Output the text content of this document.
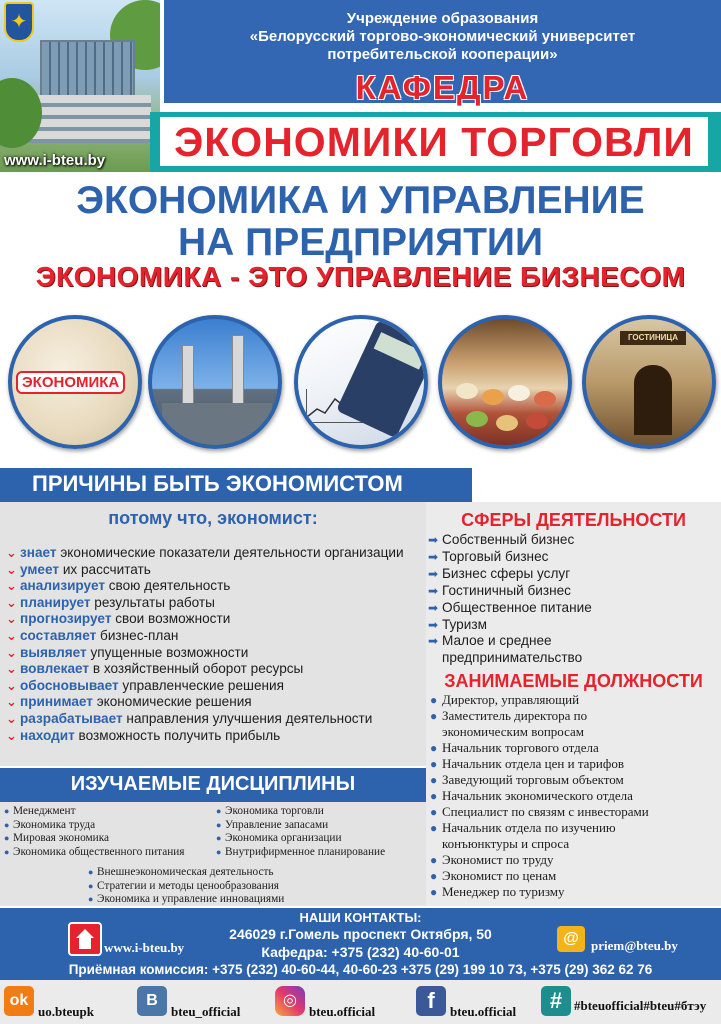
✦
www.i-bteu.by
Учреждение образования
«Белорусский торгово-экономический университет
потребительской кооперации»
КАФЕДРА
ЭКОНОМИКИ ТОРГОВЛИ
ЭКОНОМИКА И УПРАВЛЕНИЕ
НА ПРЕДПРИЯТИИ
ЭКОНОМИКА - ЭТО УПРАВЛЕНИЕ БИЗНЕСОМ
ЭКОНОМИКА
ГОСТИНИЦА
ПРИЧИНЫ БЫТЬ ЭКОНОМИСТОМ
потому что, экономист:
⌄ знает экономические показатели деятельности организации
⌄ умеет их рассчитать
⌄ анализирует свою деятельность
⌄ планирует результаты работы
⌄ прогнозирует свои возможности
⌄ составляет бизнес-план
⌄ выявляет упущенные возможности
⌄ вовлекает в хозяйственный оборот ресурсы
⌄ обосновывает управленческие решения
⌄ принимает экономические решения
⌄ разрабатывает направления улучшения деятельности
⌄ находит возможность получить прибыль
СФЕРЫ ДЕЯТЕЛЬНОСТИ
➡ Собственный бизнес
➡ Торговый бизнес
➡ Бизнес сферы услуг
➡ Гостиничный бизнес
➡ Общественное питание
➡ Туризм
➡ Малое и среднее
предпринимательство
ЗАНИМАЕМЫЕ ДОЛЖНОСТИ
● Директор, управляющий
● Заместитель директора по
экономическим вопросам
● Начальник торгового отдела
● Начальник отдела цен и тарифов
● Заведующий торговым объектом
● Начальник экономического отдела
● Специалист по связям с инвесторами
● Начальник отдела по изучению
конъюнктуры и спроса
● Экономист по труду
● Экономист по ценам
● Менеджер по туризму
ИЗУЧАЕМЫЕ ДИСЦИПЛИНЫ
● Менеджмент
● Экономика труда
● Мировая экономика
● Экономика общественного питания
● Экономика торговли
● Управление запасами
● Экономика организации
● Внутрифирменное планирование
● Внешнеэкономическая деятельность
● Стратегии и методы ценообразования
● Экономика и управление инновациями
НАШИ КОНТАКТЫ:
246029 г.Гомель проспект Октября, 50
Кафедра: +375 (232) 40-60-01
Приёмная комиссия: +375 (232) 40-60-44, 40-60-23 +375 (29) 199 10 73, +375 (29) 362 62 76
www.i-bteu.by
@ priem@bteu.by
ok
uo.bteupk
B
bteu_official
◎
bteu.official	f	bteu.official	# #bteuofficial#bteu#бтэу
